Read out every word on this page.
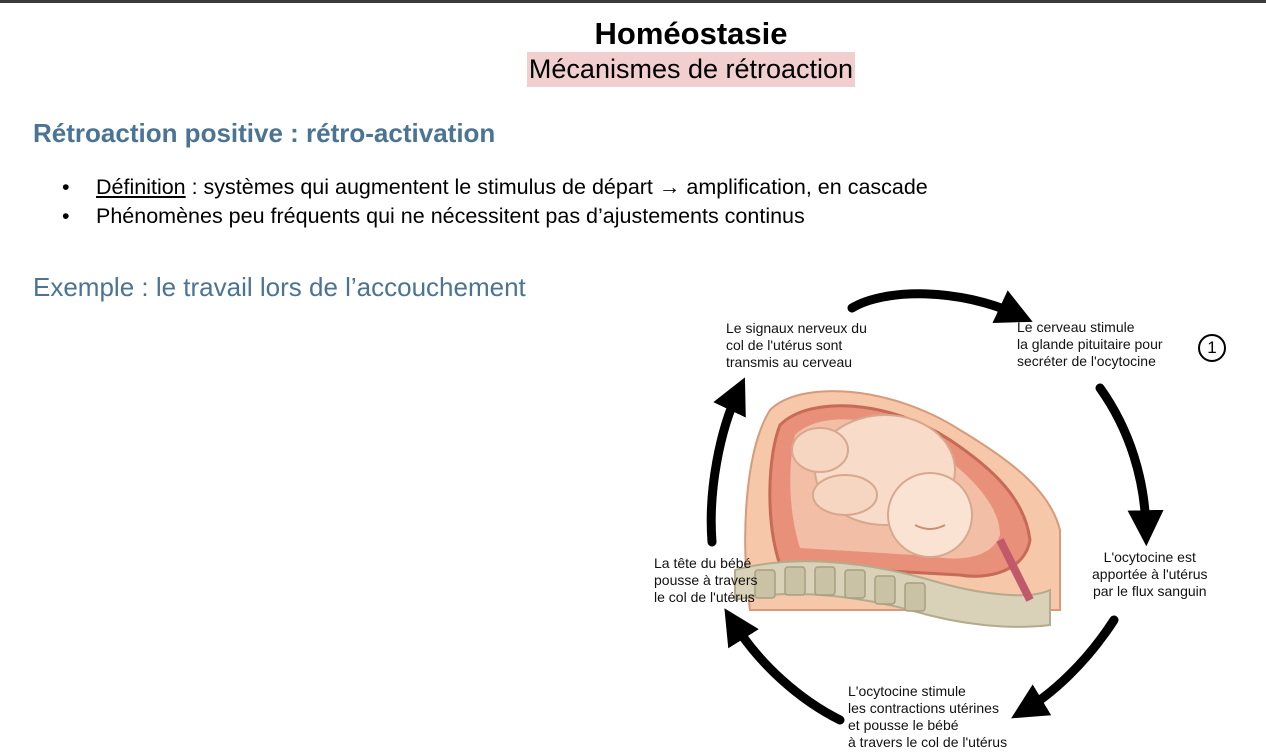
Homéostasie
Mécanismes de rétroaction
Rétroaction positive : rétro-activation
• Définition : systèmes qui augmentent le stimulus de départ → amplification, en cascade
• Phénomènes peu fréquents qui ne nécessitent pas d’ajustements continus
Exemple : le travail lors de l’accouchement
Le signaux nerveux du
col de l'utérus sont
transmis au cerveau
Le cerveau stimule
la glande pituitaire pour
secréter de l'ocytocine
1
L'ocytocine est
apportée à l'utérus
par le flux sanguin
L'ocytocine stimule
les contractions utérines
et pousse le bébé
à travers le col de l'utérus
La tête du bébé
pousse à travers
le col de l'utérus
